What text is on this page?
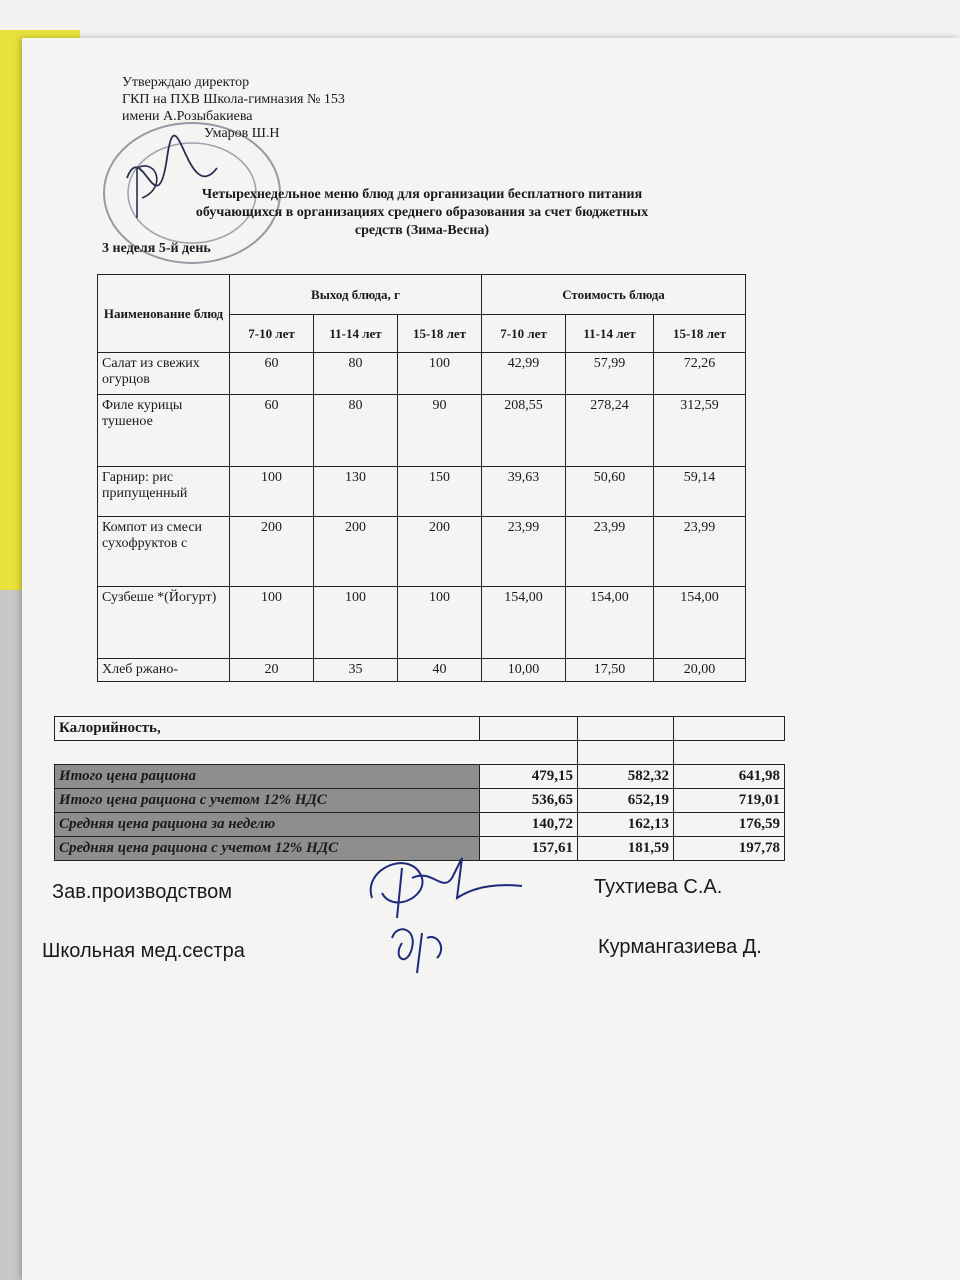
Утверждаю директор
ГКП на ПХВ Школа-гимназия № 153
имени А.Розыбакиева
Умаров Ш.Н
Четырехнедельное меню блюд для организации бесплатного питания
обучающихся в организациях среднего образования за счет бюджетных
средств (Зима-Весна)
3 неделя 5-й день
Наименование блюд	Выход блюда, г			Стоимость блюда		
	7-10 лет	11-14 лет	15-18 лет	7-10 лет	11-14 лет	15-18 лет
Салат из свежих огурцов	60	80	100	42,99	57,99	72,26
Филе курицы тушеное	60	80	90	208,55	278,24	312,59
Гарнир: рис припущенный	100	130	150	39,63	50,60	59,14
Компот из смеси сухофруктов с	200	200	200	23,99	23,99	23,99
Сузбеше *(Йогурт)	100	100	100	154,00	154,00	154,00
Хлеб ржано-	20	35	40	10,00	17,50	20,00
Калорийность,			

Итого цена рациона	479,15	582,32	641,98
Итого цена рациона с учетом 12% НДС	536,65	652,19	719,01
Средняя цена рациона за неделю	140,72	162,13	176,59
Средняя цена рациона с учетом 12% НДС	157,61	181,59	197,78
Зав.производством	Тухтиева С.А.
Школьная мед.сестра	Курмангазиева Д.
